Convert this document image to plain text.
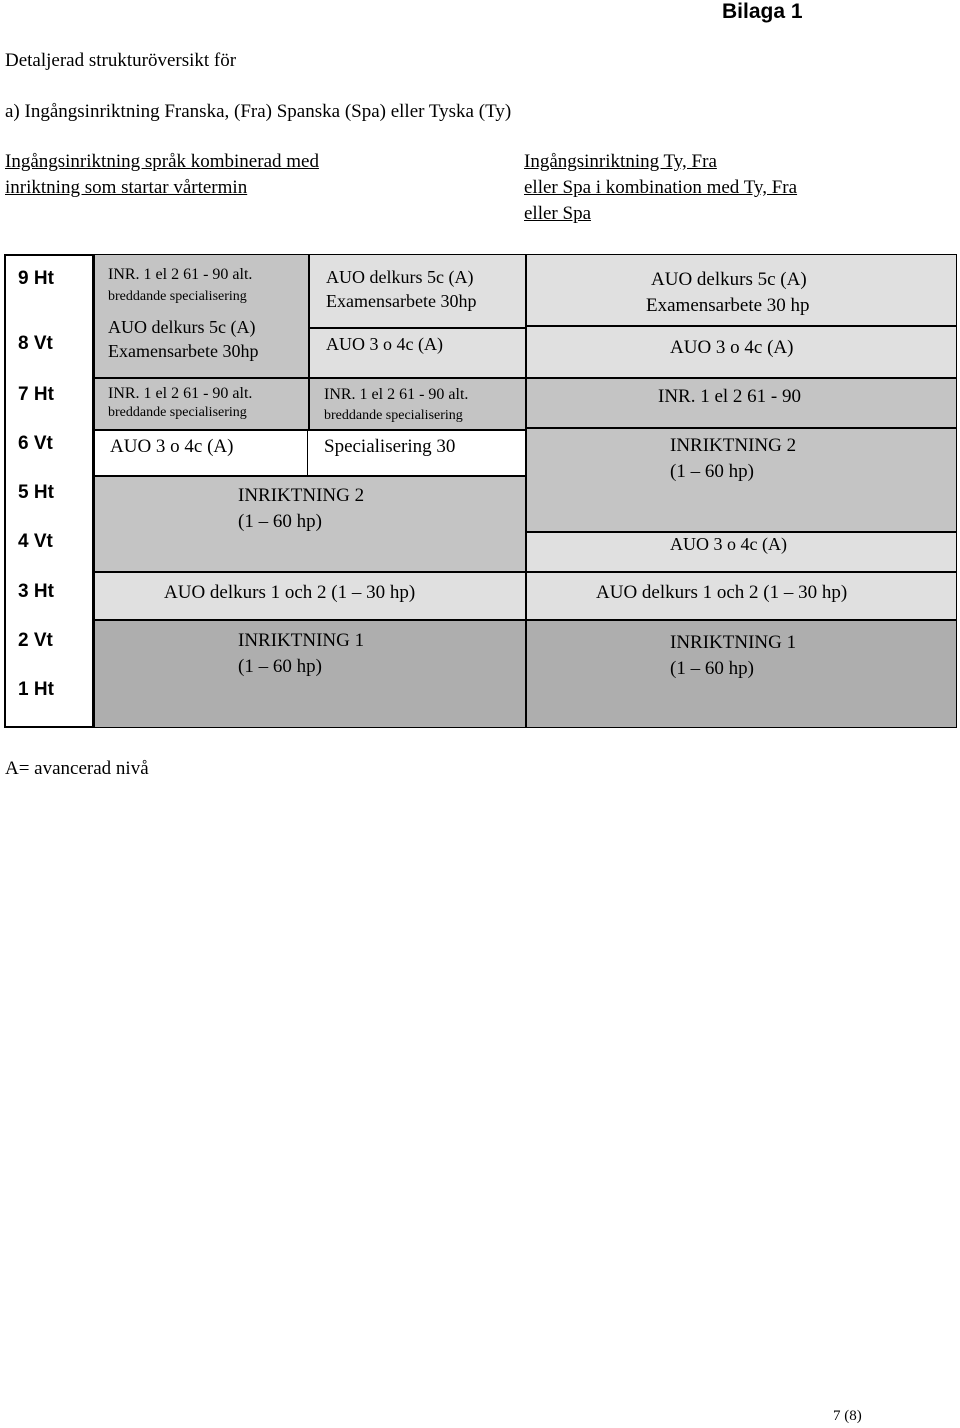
Bilaga 1
Detaljerad strukturöversikt för
a) Ingångsinriktning Franska, (Fra) Spanska (Spa) eller Tyska (Ty)
Ingångsinriktning språk kombinerad med
inriktning som startar vårtermin
Ingångsinriktning Ty, Fra
eller Spa i kombination med Ty, Fra
eller Spa
9 Ht
8 Vt
7 Ht
6 Vt
5 Ht
4 Vt
3 Ht
2 Vt
1 Ht
INR. 1 el 2 61 - 90 alt.
breddande specialisering
AUO delkurs 5c (A)
Examensarbete 30hp
AUO delkurs 5c (A)
Examensarbete 30hp
AUO 3 o 4c (A)
AUO delkurs 5c (A)
Examensarbete 30 hp
AUO 3 o 4c (A)
INR. 1 el 2 61 - 90 alt.
breddande specialisering
INR. 1 el 2 61 - 90 alt.
breddande specialisering
INR. 1 el 2 61 - 90
AUO 3 o 4c (A)
INRIKTNING 2
(1 – 60 hp)
Specialisering 30	INRIKTNING 2
(1 – 60 hp)
AUO 3 o 4c (A)
AUO delkurs 1 och 2 (1 – 30 hp)	AUO delkurs 1 och 2 (1 – 30 hp)
INRIKTNING 1
(1 – 60 hp)
INRIKTNING 1
(1 – 60 hp)
A= avancerad nivå
7 (8)
